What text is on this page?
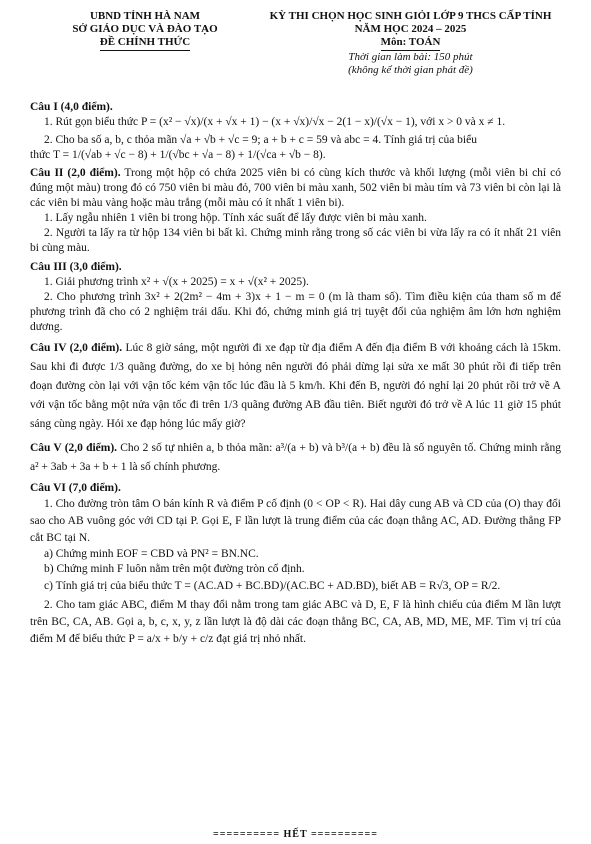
UBND TỈNH HÀ NAM
SỞ GIÁO DỤC VÀ ĐÀO TẠO
ĐỀ CHÍNH THỨC
KỲ THI CHỌN HỌC SINH GIỎI LỚP 9 THCS CẤP TỈNH
NĂM HỌC 2024 – 2025
Môn: TOÁN
Thời gian làm bài: 150 phút
(không kể thời gian phát đề)

Câu I (4,0 điểm).

1. Rút gọn biểu thức P = (x² − √x)/(x + √x + 1) − (x + √x)/√x − 2(1 − x)/(√x − 1), với x > 0 và x ≠ 1.

2. Cho ba số a, b, c thỏa mãn √a + √b + √c = 9; a + b + c = 59 và abc = 4. Tính giá trị của biểu

thức T = 1/(√ab + √c − 8) + 1/(√bc + √a − 8) + 1/(√ca + √b − 8).

Câu II (2,0 điểm). Trong một hộp có chứa 2025 viên bi có cùng kích thước và khối lượng (mỗi viên bi chỉ có đúng một màu) trong đó có 750 viên bi màu đỏ, 700 viên bi màu xanh, 502 viên bi màu tím và 73 viên bi còn lại là các viên bi màu vàng hoặc màu trắng (mỗi màu có ít nhất 1 viên bi).

1. Lấy ngẫu nhiên 1 viên bi trong hộp. Tính xác suất để lấy được viên bi màu xanh.

2. Người ta lấy ra từ hộp 134 viên bi bất kì. Chứng minh rằng trong số các viên bi vừa lấy ra có ít nhất 21 viên bi cùng màu.

Câu III (3,0 điểm).

1. Giải phương trình x² + √(x + 2025) = x + √(x² + 2025).

2. Cho phương trình 3x² + 2(2m² − 4m + 3)x + 1 − m = 0 (m là tham số). Tìm điều kiện của tham số m để phương trình đã cho có 2 nghiệm trái dấu. Khi đó, chứng minh giá trị tuyệt đối của nghiệm âm lớn hơn nghiệm dương.

Câu IV (2,0 điểm). Lúc 8 giờ sáng, một người đi xe đạp từ địa điểm A đến địa điểm B với khoảng cách là 15km. Sau khi đi được 1/3 quãng đường, do xe bị hỏng nên người đó phải dừng lại sửa xe mất 30 phút rồi đi tiếp trên đoạn đường còn lại với vận tốc kém vận tốc lúc đầu là 5 km/h. Khi đến B, người đó nghỉ lại 20 phút rồi trở về A với vận tốc bằng một nửa vận tốc đi trên 1/3 quãng đường AB đầu tiên. Biết người đó trở về A lúc 11 giờ 15 phút sáng cùng ngày. Hỏi xe đạp hỏng lúc mấy giờ?

Câu V (2,0 điểm). Cho 2 số tự nhiên a, b thỏa mãn: a³/(a + b) và b³/(a + b) đều là số nguyên tố. Chứng minh rằng a² + 3ab + 3a + b + 1 là số chính phương.

Câu VI (7,0 điểm).

1. Cho đường tròn tâm O bán kính R và điểm P cố định (0 < OP < R). Hai dây cung AB và CD của (O) thay đổi sao cho AB vuông góc với CD tại P. Gọi E, F lần lượt là trung điểm của các đoạn thẳng AC, AD. Đường thẳng FP cắt BC tại N.

a) Chứng minh EOF = CBD và PN² = BN.NC.

b) Chứng minh F luôn nằm trên một đường tròn cố định.

c) Tính giá trị của biểu thức T = (AC.AD + BC.BD)/(AC.BC + AD.BD), biết AB = R√3, OP = R/2.

2. Cho tam giác ABC, điểm M thay đổi nằm trong tam giác ABC và D, E, F là hình chiếu của điểm M lần lượt trên BC, CA, AB. Gọi a, b, c, x, y, z lần lượt là độ dài các đoạn thẳng BC, CA, AB, MD, ME, MF. Tìm vị trí của điểm M để biểu thức P = a/x + b/y + c/z đạt giá trị nhỏ nhất.

========== HẾT ==========
